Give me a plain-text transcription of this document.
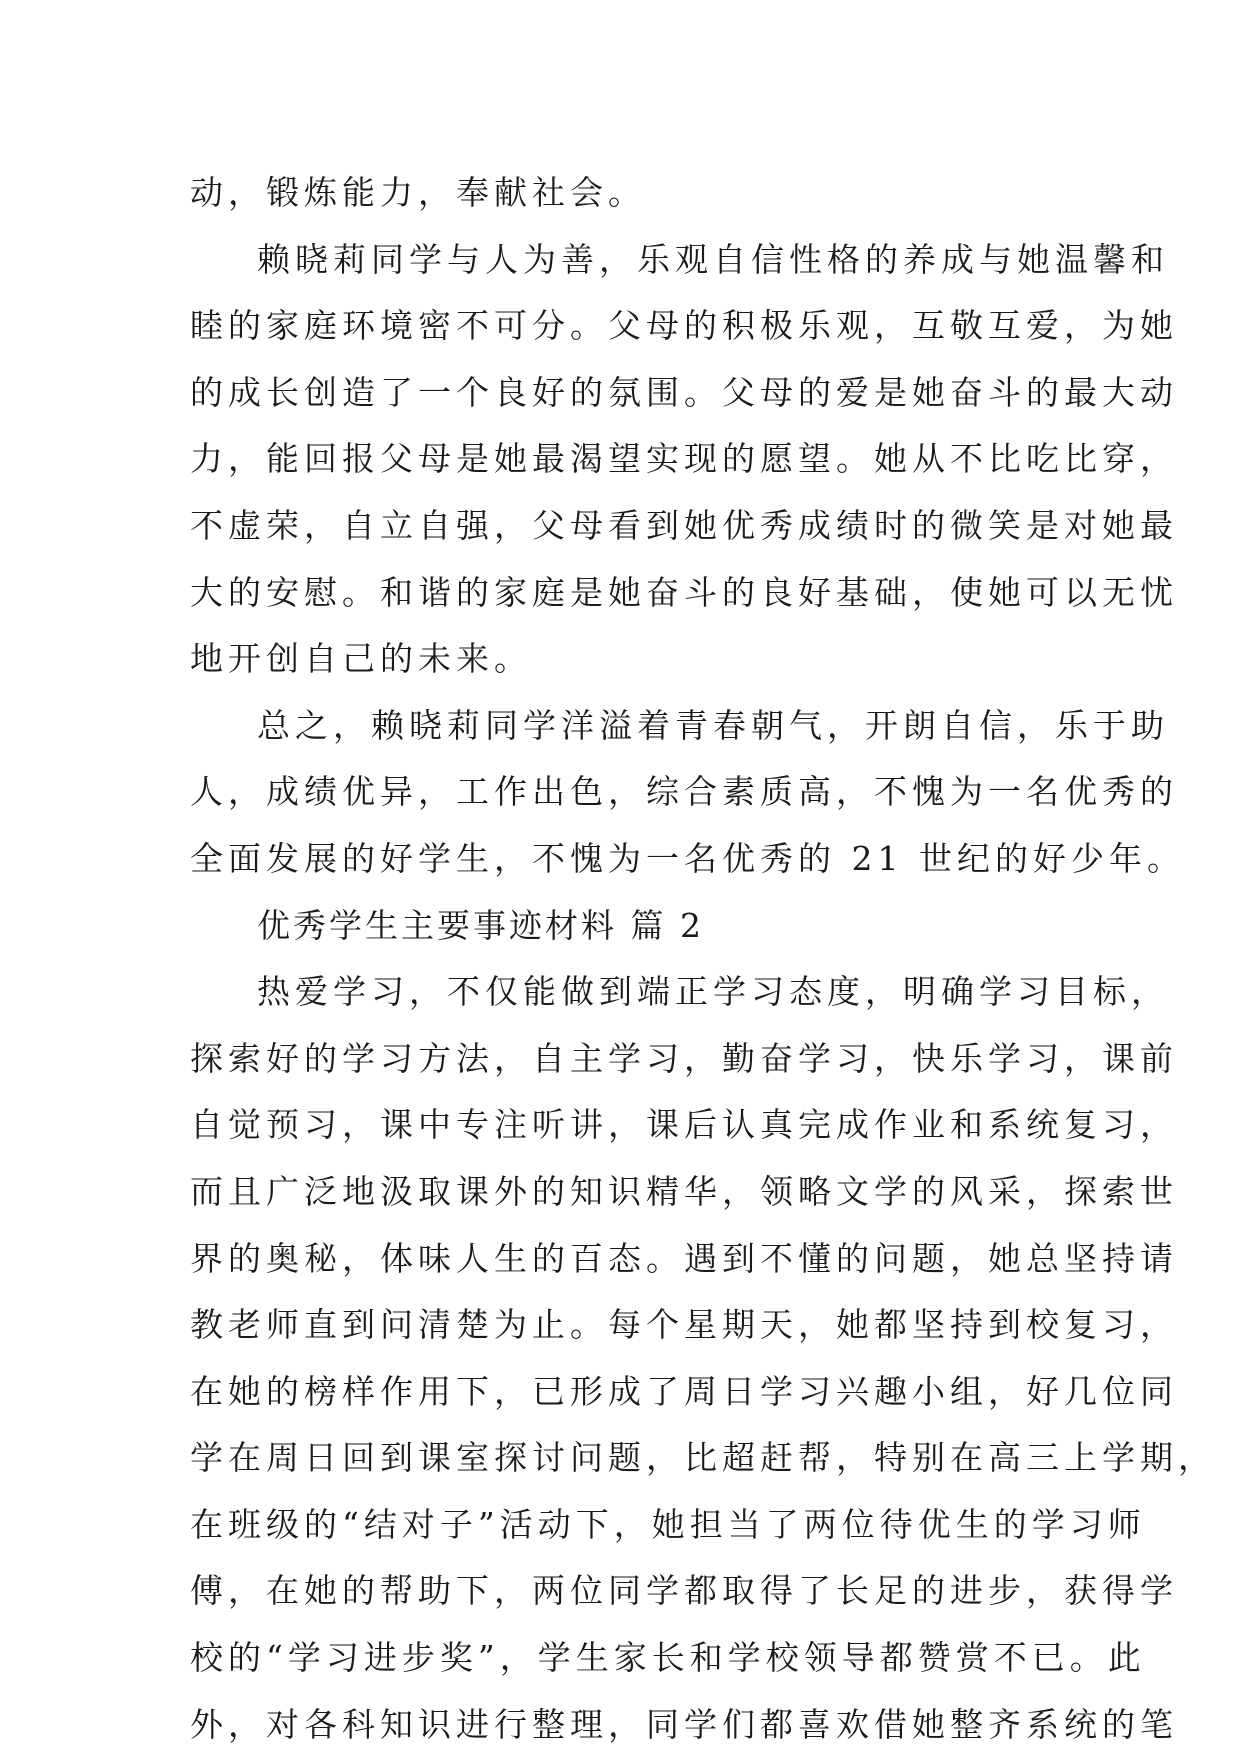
动，锻炼能力，奉献社会。
赖晓莉同学与人为善，乐观自信性格的养成与她温馨和
睦的家庭环境密不可分。父母的积极乐观，互敬互爱，为她
的成长创造了一个良好的氛围。父母的爱是她奋斗的最大动
力，能回报父母是她最渴望实现的愿望。她从不比吃比穿，
不虚荣，自立自强，父母看到她优秀成绩时的微笑是对她最
大的安慰。和谐的家庭是她奋斗的良好基础，使她可以无忧
地开创自己的未来。
总之，赖晓莉同学洋溢着青春朝气，开朗自信，乐于助
人，成绩优异，工作出色，综合素质高，不愧为一名优秀的
全面发展的好学生，不愧为一名优秀的 21 世纪的好少年。
优秀学生主要事迹材料 篇 2
热爱学习，不仅能做到端正学习态度，明确学习目标，
探索好的学习方法，自主学习，勤奋学习，快乐学习，课前
自觉预习，课中专注听讲，课后认真完成作业和系统复习，
而且广泛地汲取课外的知识精华，领略文学的风采，探索世
界的奥秘，体味人生的百态。遇到不懂的问题，她总坚持请
教老师直到问清楚为止。每个星期天，她都坚持到校复习，
在她的榜样作用下，已形成了周日学习兴趣小组，好几位同
学在周日回到课室探讨问题，比超赶帮，特别在高三上学期，
在班级的“结对子”活动下，她担当了两位待优生的学习师
傅，在她的帮助下，两位同学都取得了长足的进步，获得学
校的“学习进步奖”，学生家长和学校领导都赞赏不已。此
外，对各科知识进行整理，同学们都喜欢借她整齐系统的笔
